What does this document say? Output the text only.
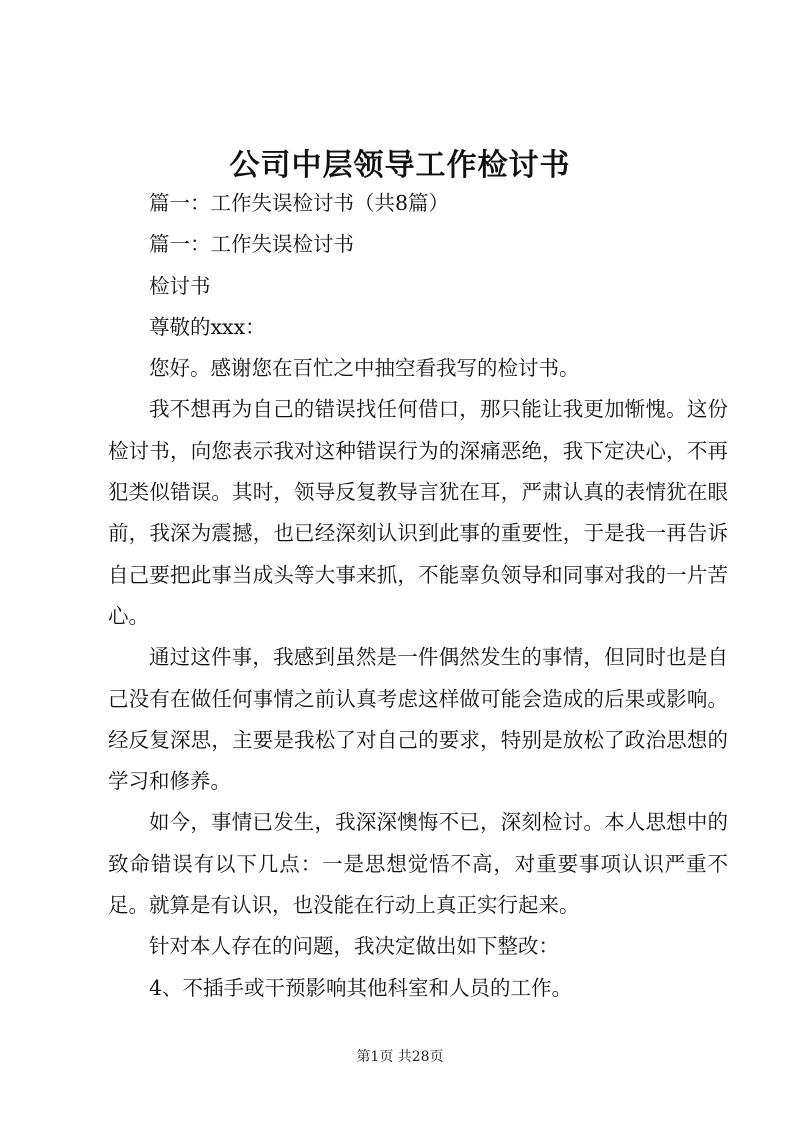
公司中层领导工作检讨书

篇一：工作失误检讨书（共8篇）

篇一：工作失误检讨书

检讨书

尊敬的xxx：

您好。感谢您在百忙之中抽空看我写的检讨书。

我不想再为自己的错误找任何借口，那只能让我更加惭愧。这份检讨书，向您表示我对这种错误行为的深痛恶绝，我下定决心，不再犯类似错误。其时，领导反复教导言犹在耳，严肃认真的表情犹在眼前，我深为震撼，也已经深刻认识到此事的重要性，于是我一再告诉自己要把此事当成头等大事来抓，不能辜负领导和同事对我的一片苦心。

通过这件事，我感到虽然是一件偶然发生的事情，但同时也是自己没有在做任何事情之前认真考虑这样做可能会造成的后果或影响。经反复深思，主要是我松了对自己的要求，特别是放松了政治思想的学习和修养。

如今，事情已发生，我深深懊悔不已，深刻检讨。本人思想中的致命错误有以下几点：一是思想觉悟不高，对重要事项认识严重不足。就算是有认识，也没能在行动上真正实行起来。

针对本人存在的问题，我决定做出如下整改：

4、不插手或干预影响其他科室和人员的工作。

第1页 共28页
